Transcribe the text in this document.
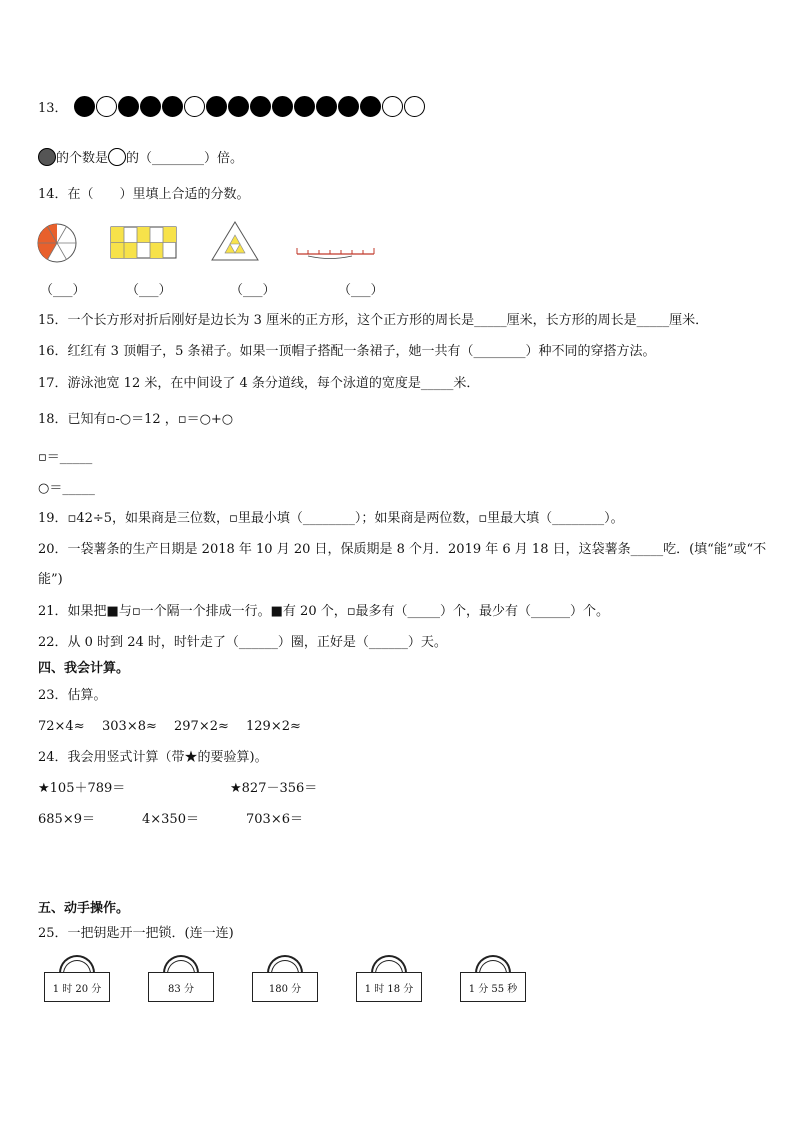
13．
的个数是 的（________）倍。
14．在（　　）里填上合适的分数。
（___）	（___）	（___）	（___）
15．一个长方形对折后刚好是边长为 3 厘米的正方形，这个正方形的周长是_____厘米，长方形的周长是_____厘米．
16．红红有 3 顶帽子，5 条裙子。如果一顶帽子搭配一条裙子，她一共有（________）种不同的穿搭方法。
17．游泳池宽 12 米，在中间设了 4 条分道线，每个泳道的宽度是_____米．
18．已知有▫-○＝12 ，▫＝○+○
▫＝_____
○＝_____
19．▫42÷5，如果商是三位数，▫里最小填（________）；如果商是两位数，▫里最大填（________）。
20．一袋薯条的生产日期是 2018 年 10 月 20 日，保质期是 8 个月．2019 年 6 月 18 日，这袋薯条_____吃．(填“能”或“不
能”)
21．如果把■与▫一个隔一个排成一行。■有 20 个，▫最多有（_____）个，最少有（______）个。
22．从 0 时到 24 时，时针走了（______）圈，正好是（______）天。
四、我会计算。
23．估算。
72×4≈ 303×8≈ 297×2≈ 129×2≈
24．我会用竖式计算（带★的要验算)。
★105＋789＝	★827－356＝
685×9＝	4×350＝	703×6＝
五、动手操作。
25．一把钥匙开一把锁．(连一连)
1 时 20 分	83 分	180 分	1 时 18 分	1 分 55 秒
